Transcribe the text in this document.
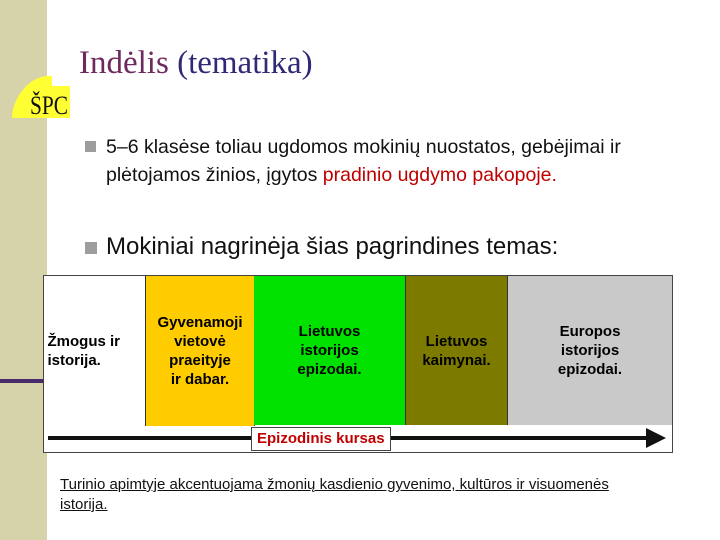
ŠPC
Indėlis (tematika)
5–6 klasėse toliau ugdomos mokinių nuostatos, gebėjimai ir plėtojamos žinios, įgytos pradinio ugdymo pakopoje.
Mokiniai nagrinėja šias pagrindines temas:
Žmogus ir
istorija.
Gyvenamoji
vietovė
praeityje
ir dabar.
Lietuvos
istorijos
epizodai.
Lietuvos
kaimynai.
Europos
istorijos
epizodai.
Epizodinis kursas
Turinio apimtyje akcentuojama žmonių kasdienio gyvenimo, kultūros ir visuomenės istorija.
